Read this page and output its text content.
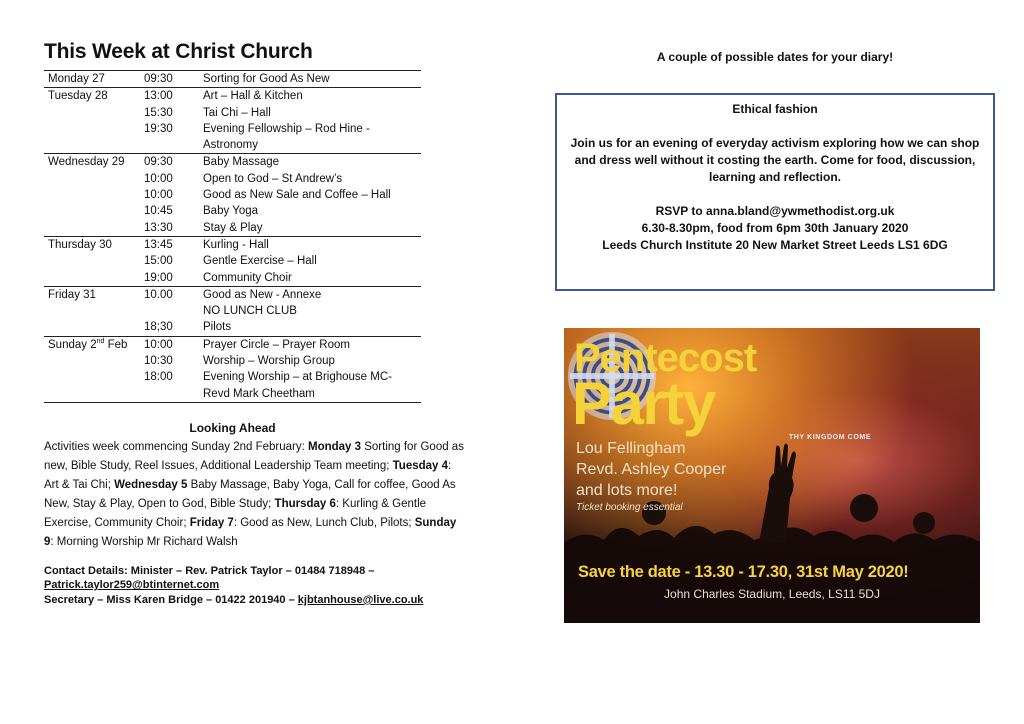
This Week at Christ Church
Monday 27	09:30	Sorting for Good As New
Tuesday 28	13:00	Art – Hall & Kitchen
	15:30	Tai Chi – Hall
	19:30	Evening Fellowship – Rod Hine -
		Astronomy
Wednesday 29	09:30	Baby Massage
	10:00	Open to God – St Andrew’s
	10:00	Good as New Sale and Coffee – Hall
	10:45	Baby Yoga
	13:30	Stay & Play
Thursday 30	13:45	Kurling - Hall
	15:00	Gentle Exercise – Hall
	19:00	Community Choir
Friday 31	10.00	Good as New - Annexe
		NO LUNCH CLUB
	18;30	Pilots
Sunday 2nd Feb	10:00	Prayer Circle – Prayer Room
	10:30	Worship – Worship Group
	18:00	Evening Worship – at Brighouse MC-
		Revd Mark Cheetham
Looking Ahead

Activities week commencing Sunday 2nd February: Monday 3 Sorting for Good as new, Bible Study, Reel Issues, Additional Leadership Team meeting; Tuesday 4: Art & Tai Chi; Wednesday 5 Baby Massage, Baby Yoga, Call for coffee, Good As New, Stay & Play, Open to God, Bible Study; Thursday 6: Kurling & Gentle Exercise, Community Choir; Friday 7: Good as New, Lunch Club, Pilots; Sunday 9: Morning Worship Mr Richard Walsh

Contact Details: Minister – Rev. Patrick Taylor – 01484 718948 –
Patrick.taylor259@btinternet.com
Secretary – Miss Karen Bridge – 01422 201940 – kjbtanhouse@live.co.uk
A couple of possible dates for your diary!
Ethical fashion
Join us for an evening of everyday activism exploring how we can shop and dress well without it costing the earth. Come for food, discussion, learning and reflection.
RSVP to anna.bland@ywmethodist.org.uk
6.30-8.30pm, food from 6pm 30th January 2020
Leeds Church Institute 20 New Market Street Leeds LS1 6DG
THY KINGDOM COME
Pentecost
Party
Lou Fellingham
Revd. Ashley Cooper
and lots more!
Ticket booking essential
Save the date - 13.30 - 17.30, 31st May 2020!
John Charles Stadium, Leeds, LS11 5DJ
